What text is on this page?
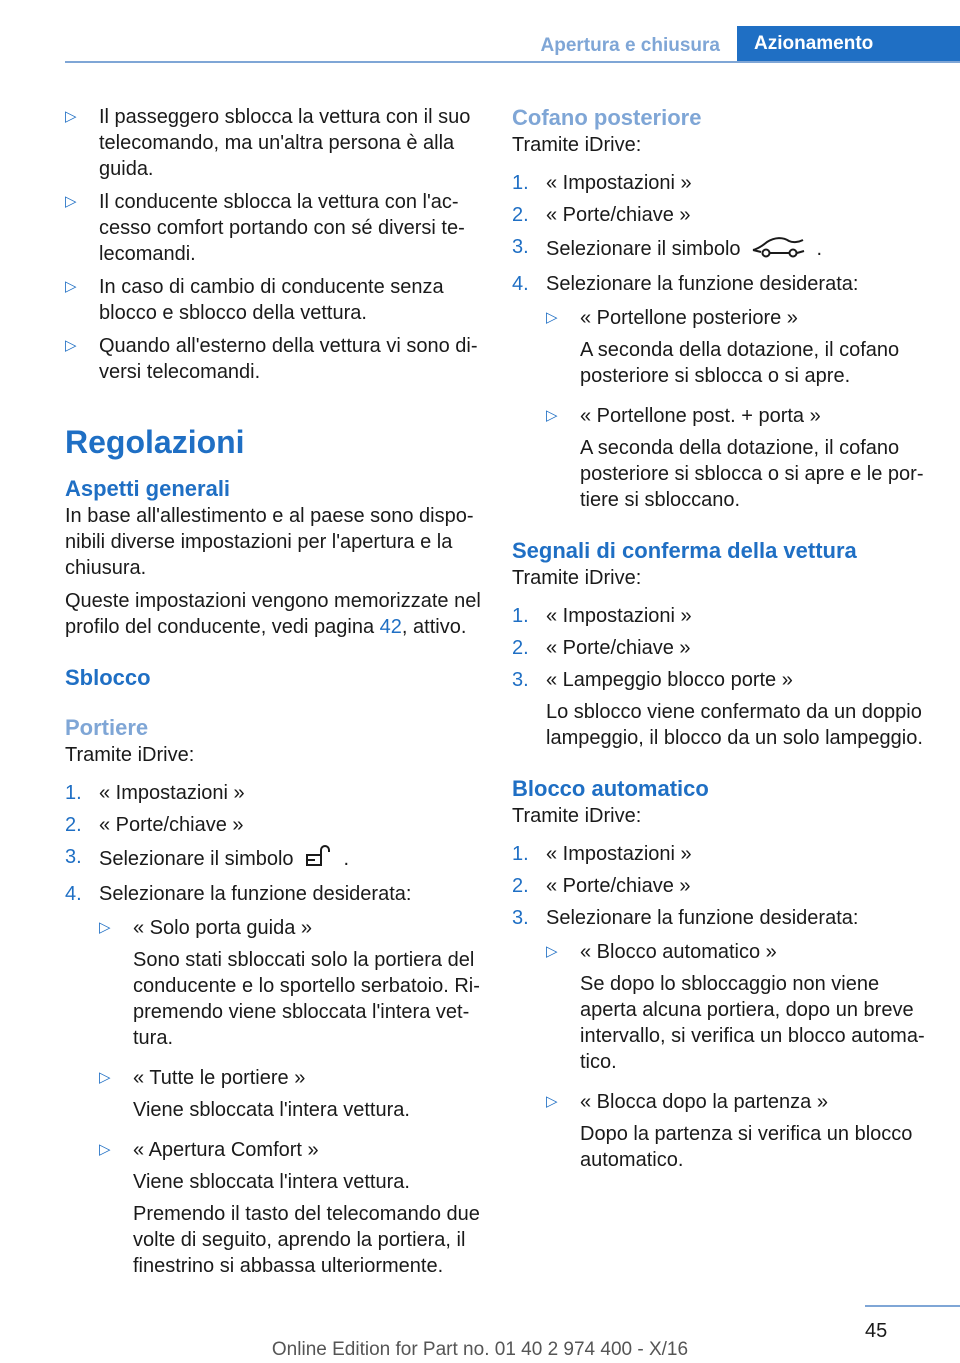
Apertura e chiusura	Azionamento
▷ Il passeggero sblocca la vettura con il suo telecomando, ma un'altra persona è alla guida.
▷ Il conducente sblocca la vettura con l'accesso comfort portando con sé diversi telecomandi.
▷ In caso di cambio di conducente senza blocco e sblocco della vettura.
▷ Quando all'esterno della vettura vi sono diversi telecomandi.
Regolazioni
Aspetti generali

In base all'allestimento e al paese sono disponibili diverse impostazioni per l'apertura e la chiusura.

Queste impostazioni vengono memorizzate nel profilo del conducente, vedi pagina 42, attivo.

Sblocco
Portiere

Tramite iDrive:

1. « Impostazioni »
2. « Porte/chiave »
3. Selezionare il simbolo	.
4. Selezionare la funzione desiderata:
▷ « Solo porta guida »
Sono stati sbloccati solo la portiera del conducente e lo sportello serbatoio. Ripremendo viene sbloccata l'intera vettura.
▷ « Tutte le portiere »
Viene sbloccata l'intera vettura.
▷ « Apertura Comfort »
Viene sbloccata l'intera vettura.
Premendo il tasto del telecomando due volte di seguito, aprendo la portiera, il finestrino si abbassa ulteriormente.
Cofano posteriore

Tramite iDrive:

1. « Impostazioni »
2. « Porte/chiave »
3. Selezionare il simbolo	.
4. Selezionare la funzione desiderata:
▷ « Portellone posteriore »
A seconda della dotazione, il cofano posteriore si sblocca o si apre.
▷ « Portellone post. + porta »
A seconda della dotazione, il cofano posteriore si sblocca o si apre e le portiere si sbloccano.
Segnali di conferma della vettura

Tramite iDrive:

1. « Impostazioni »
2. « Porte/chiave »
3. « Lampeggio blocco porte »
Lo sblocco viene confermato da un doppio lampeggio, il blocco da un solo lampeggio.
Blocco automatico

Tramite iDrive:

1. « Impostazioni »
2. « Porte/chiave »
3. Selezionare la funzione desiderata:
▷ « Blocco automatico »
Se dopo lo sbloccaggio non viene aperta alcuna portiera, dopo un breve intervallo, si verifica un blocco automatico.
▷ « Blocca dopo la partenza »
Dopo la partenza si verifica un blocco automatico.
45
Online Edition for Part no. 01 40 2 974 400 - X/16
